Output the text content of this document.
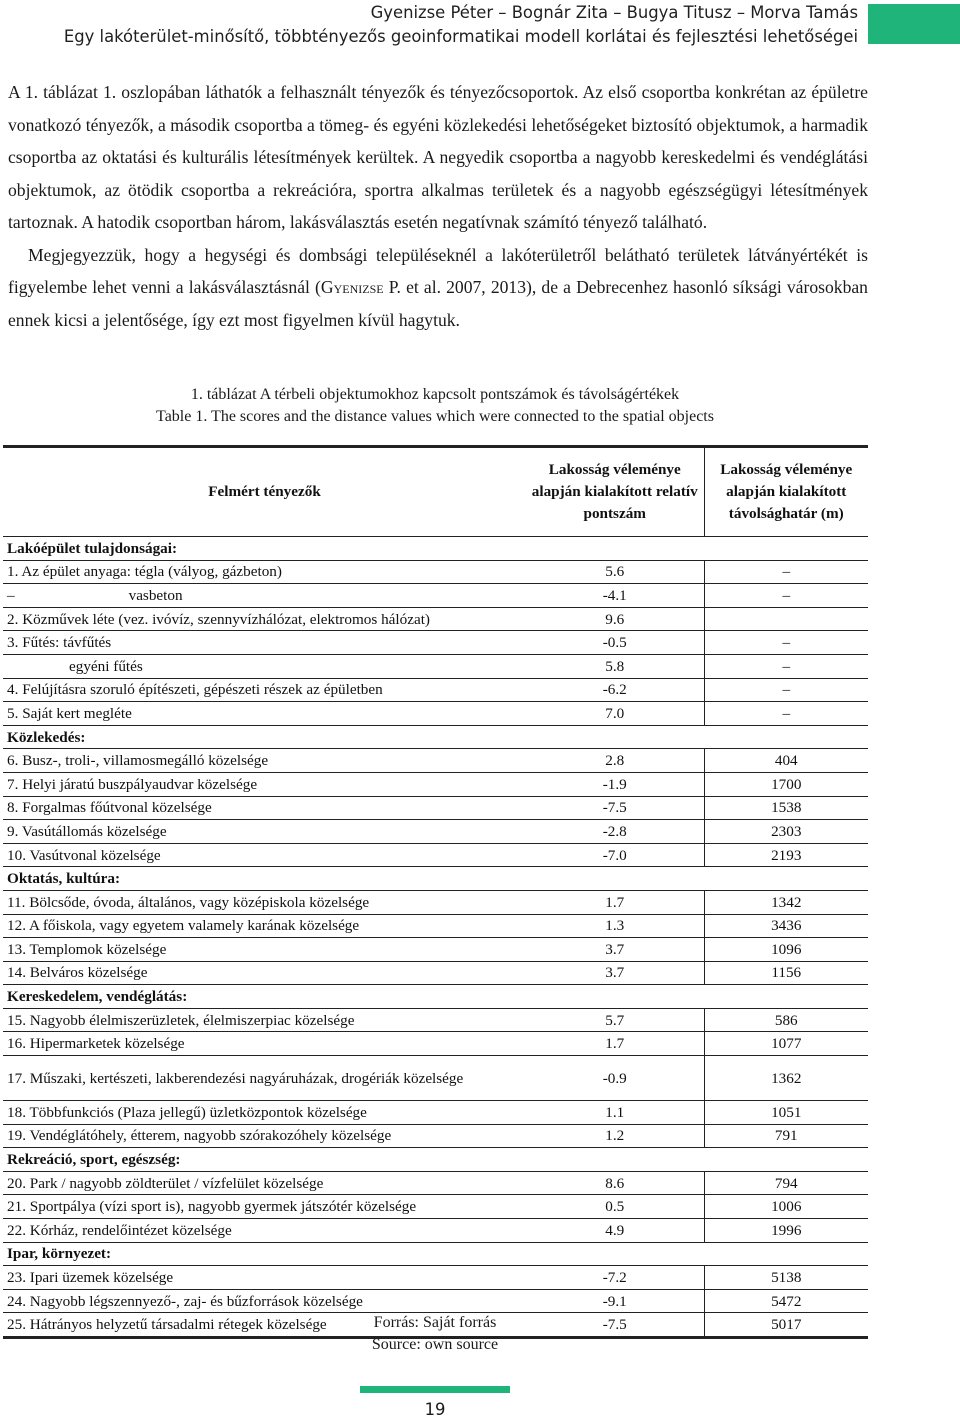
Gyenizse Péter – Bognár Zita – Bugya Titusz – Morva Tamás
Egy lakóterület-minősítő, többtényezős geoinformatikai modell korlátai és fejlesztési lehetőségei

A 1. táblázat 1. oszlopában láthatók a felhasznált tényezők és tényezőcsoportok. Az első csoportba konkrétan az épületre vonatkozó tényezők, a második csoportba a tömeg- és egyéni közlekedési lehetőségeket biztosító objektumok, a harmadik csoportba az oktatási és kulturális létesítmények kerültek. A negyedik csoportba a nagyobb kereskedelmi és vendéglátási objektumok, az ötödik csoportba a rekreációra, sportra alkalmas területek és a nagyobb egészségügyi létesítmények tartoznak. A hatodik csoportban három, lakásválasztás esetén negatívnak számító tényező található.

Megjegyezzük, hogy a hegységi és dombsági településeknél a lakóterületről belátható területek látványértékét is figyelembe lehet venni a lakásválasztásnál (Gyenizse P. et al. 2007, 2013), de a Debrecenhez hasonló síksági városokban ennek kicsi a jelentősége, így ezt most figyelmen kívül hagytuk.

1. táblázat A térbeli objektumokhoz kapcsolt pontszámok és távolságértékek
Table 1. The scores and the distance values which were connected to the spatial objects
Felmért tényezők	Lakosság véleménye alapján kialakított relatív pontszám	Lakosság véleménye alapján kialakított távolsághatár (m)
Lakóépület tulajdonságai:		
1. Az épület anyaga: tégla (vályog, gázbeton)	5.6	–
– vasbeton	-4.1	–
2. Közművek léte (vez. ivóvíz, szennyvízhálózat, elektromos hálózat)	9.6	
3. Fűtés: távfűtés	-0.5	–
egyéni fűtés	5.8	–
4. Felújításra szoruló építészeti, gépészeti részek az épületben	-6.2	–
5. Saját kert megléte	7.0	–
Közlekedés:		
6. Busz-, troli-, villamosmegálló közelsége	2.8	404
7. Helyi járatú buszpályaudvar közelsége	-1.9	1700
8. Forgalmas főútvonal közelsége	-7.5	1538
9. Vasútállomás közelsége	-2.8	2303
10. Vasútvonal közelsége	-7.0	2193
Oktatás, kultúra:		
11. Bölcsőde, óvoda, általános, vagy középiskola közelsége	1.7	1342
12. A főiskola, vagy egyetem valamely karának közelsége	1.3	3436
13. Templomok közelsége	3.7	1096
14. Belváros közelsége	3.7	1156
Kereskedelem, vendéglátás:		
15. Nagyobb élelmiszerüzletek, élelmiszerpiac közelsége	5.7	586
16. Hipermarketek közelsége	1.7	1077
17. Műszaki, kertészeti, lakberendezési nagyáruházak, drogériák közelsége	-0.9	1362
18. Többfunkciós (Plaza jellegű) üzletközpontok közelsége	1.1	1051
19. Vendéglátóhely, étterem, nagyobb szórakozóhely közelsége	1.2	791
Rekreáció, sport, egészség:		
20. Park / nagyobb zöldterület / vízfelület közelsége	8.6	794
21. Sportpálya (vízi sport is), nagyobb gyermek játszótér közelsége	0.5	1006
22. Kórház, rendelőintézet közelsége	4.9	1996
Ipar, környezet:		
23. Ipari üzemek közelsége	-7.2	5138
24. Nagyobb légszennyező-, zaj- és bűzforrások közelsége	-9.1	5472
25. Hátrányos helyzetű társadalmi rétegek közelsége	-7.5	5017
Forrás: Saját forrás
Source: own source
19
